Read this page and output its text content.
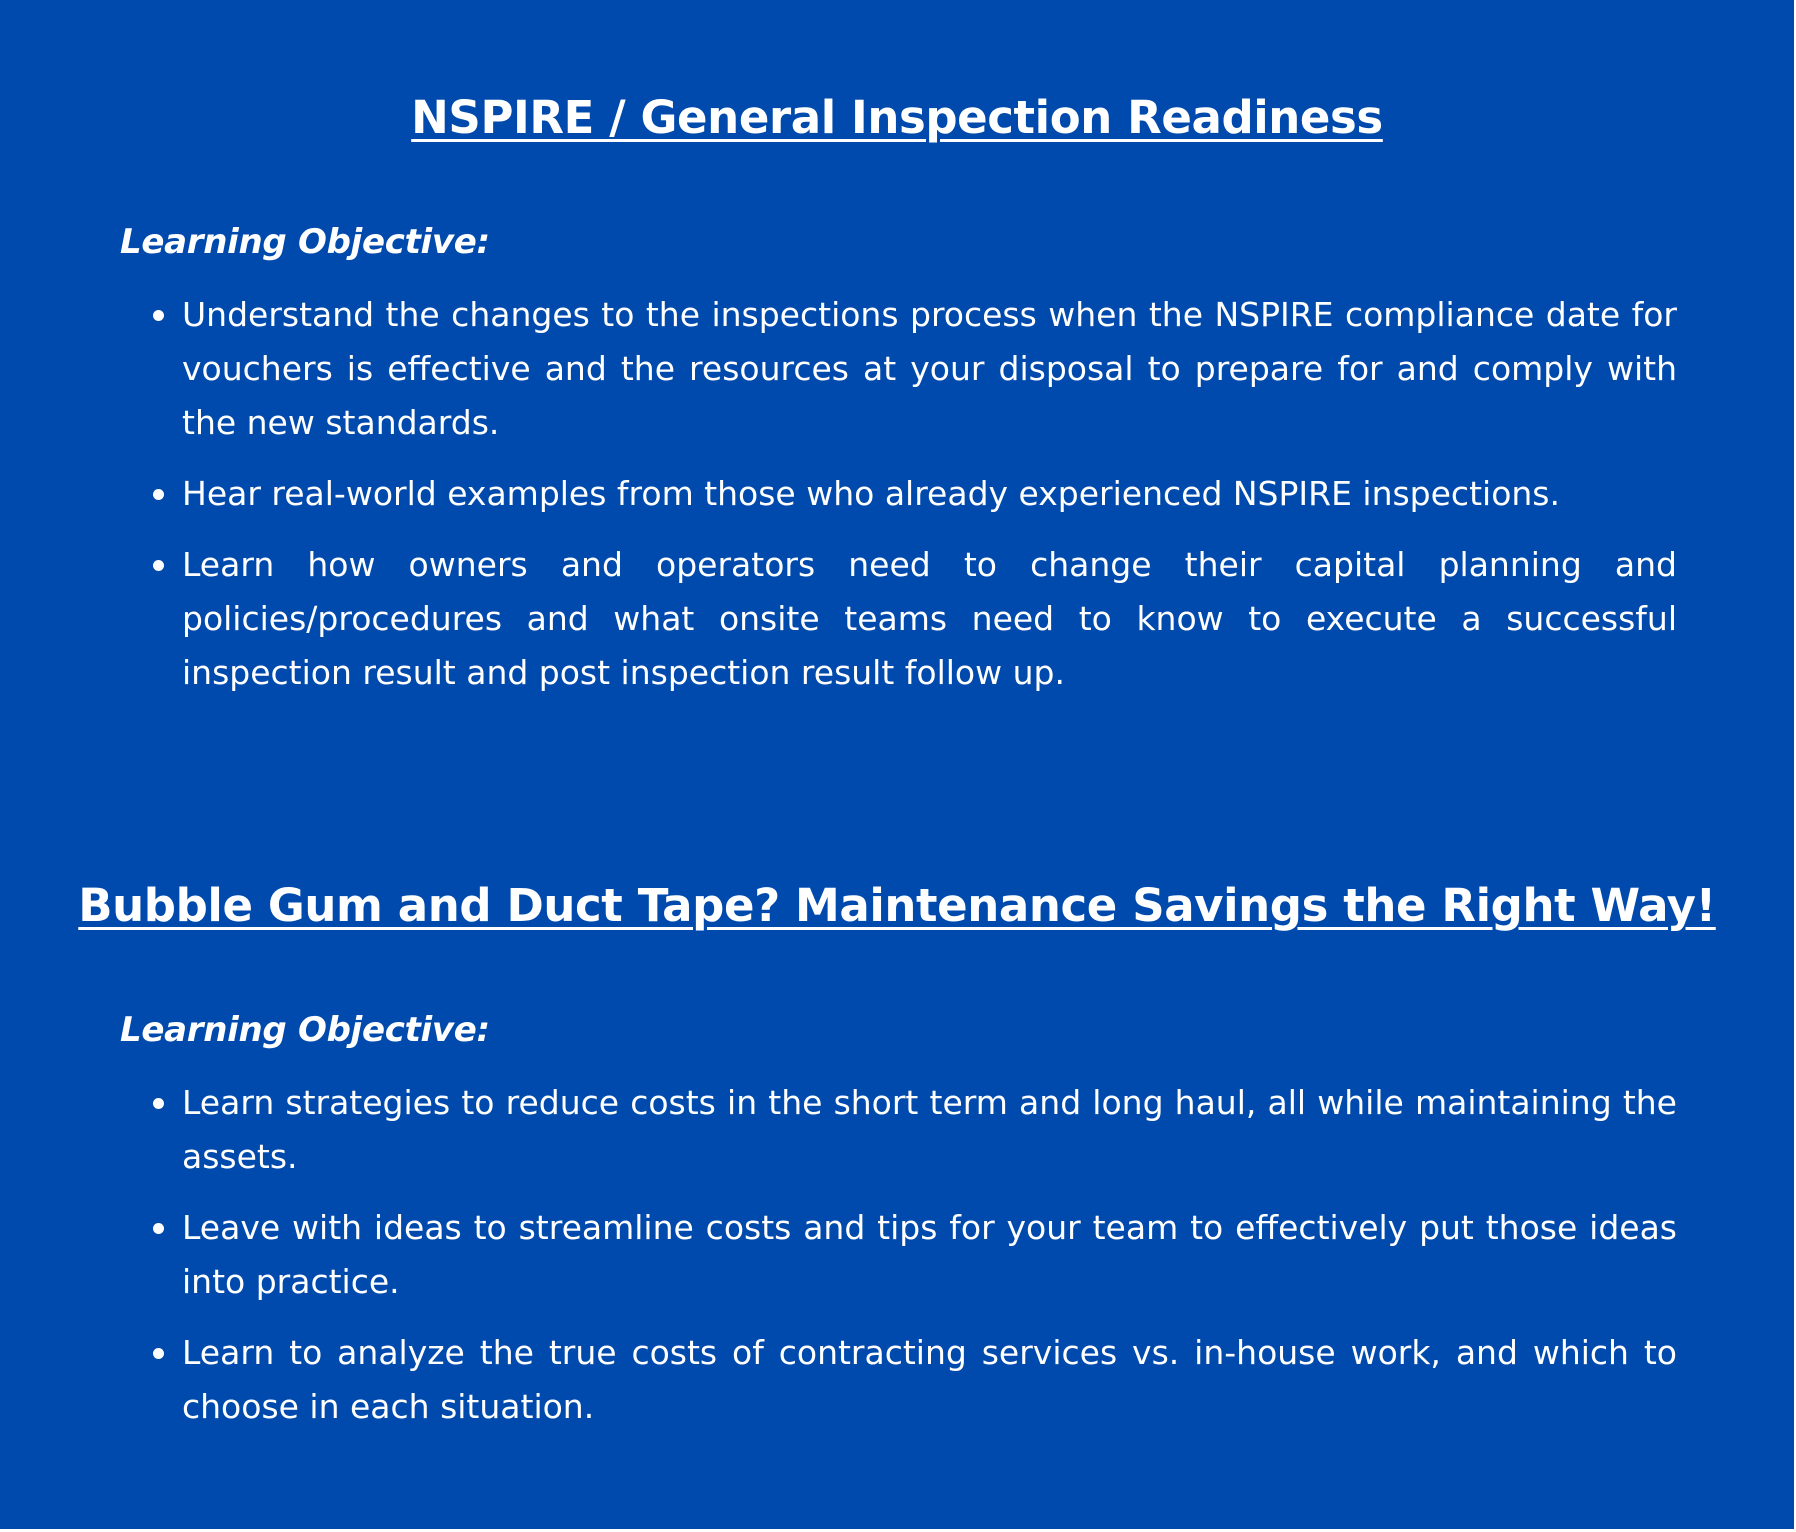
NSPIRE / General Inspection Readiness

Learning Objective:

Understand the changes to the inspections process when the NSPIRE compliance date for vouchers is effective and the resources at your disposal to prepare for and comply with the new standards.
Hear real-world examples from those who already experienced NSPIRE inspections.
Learn how owners and operators need to change their capital planning and policies/procedures and what onsite teams need to know to execute a successful inspection result and post inspection result follow up.
Bubble Gum and Duct Tape? Maintenance Savings the Right Way!

Learning Objective:

Learn strategies to reduce costs in the short term and long haul, all while maintaining the assets.
Leave with ideas to streamline costs and tips for your team to effectively put those ideas into practice.
Learn to analyze the true costs of contracting services vs. in-house work, and which to choose in each situation.
